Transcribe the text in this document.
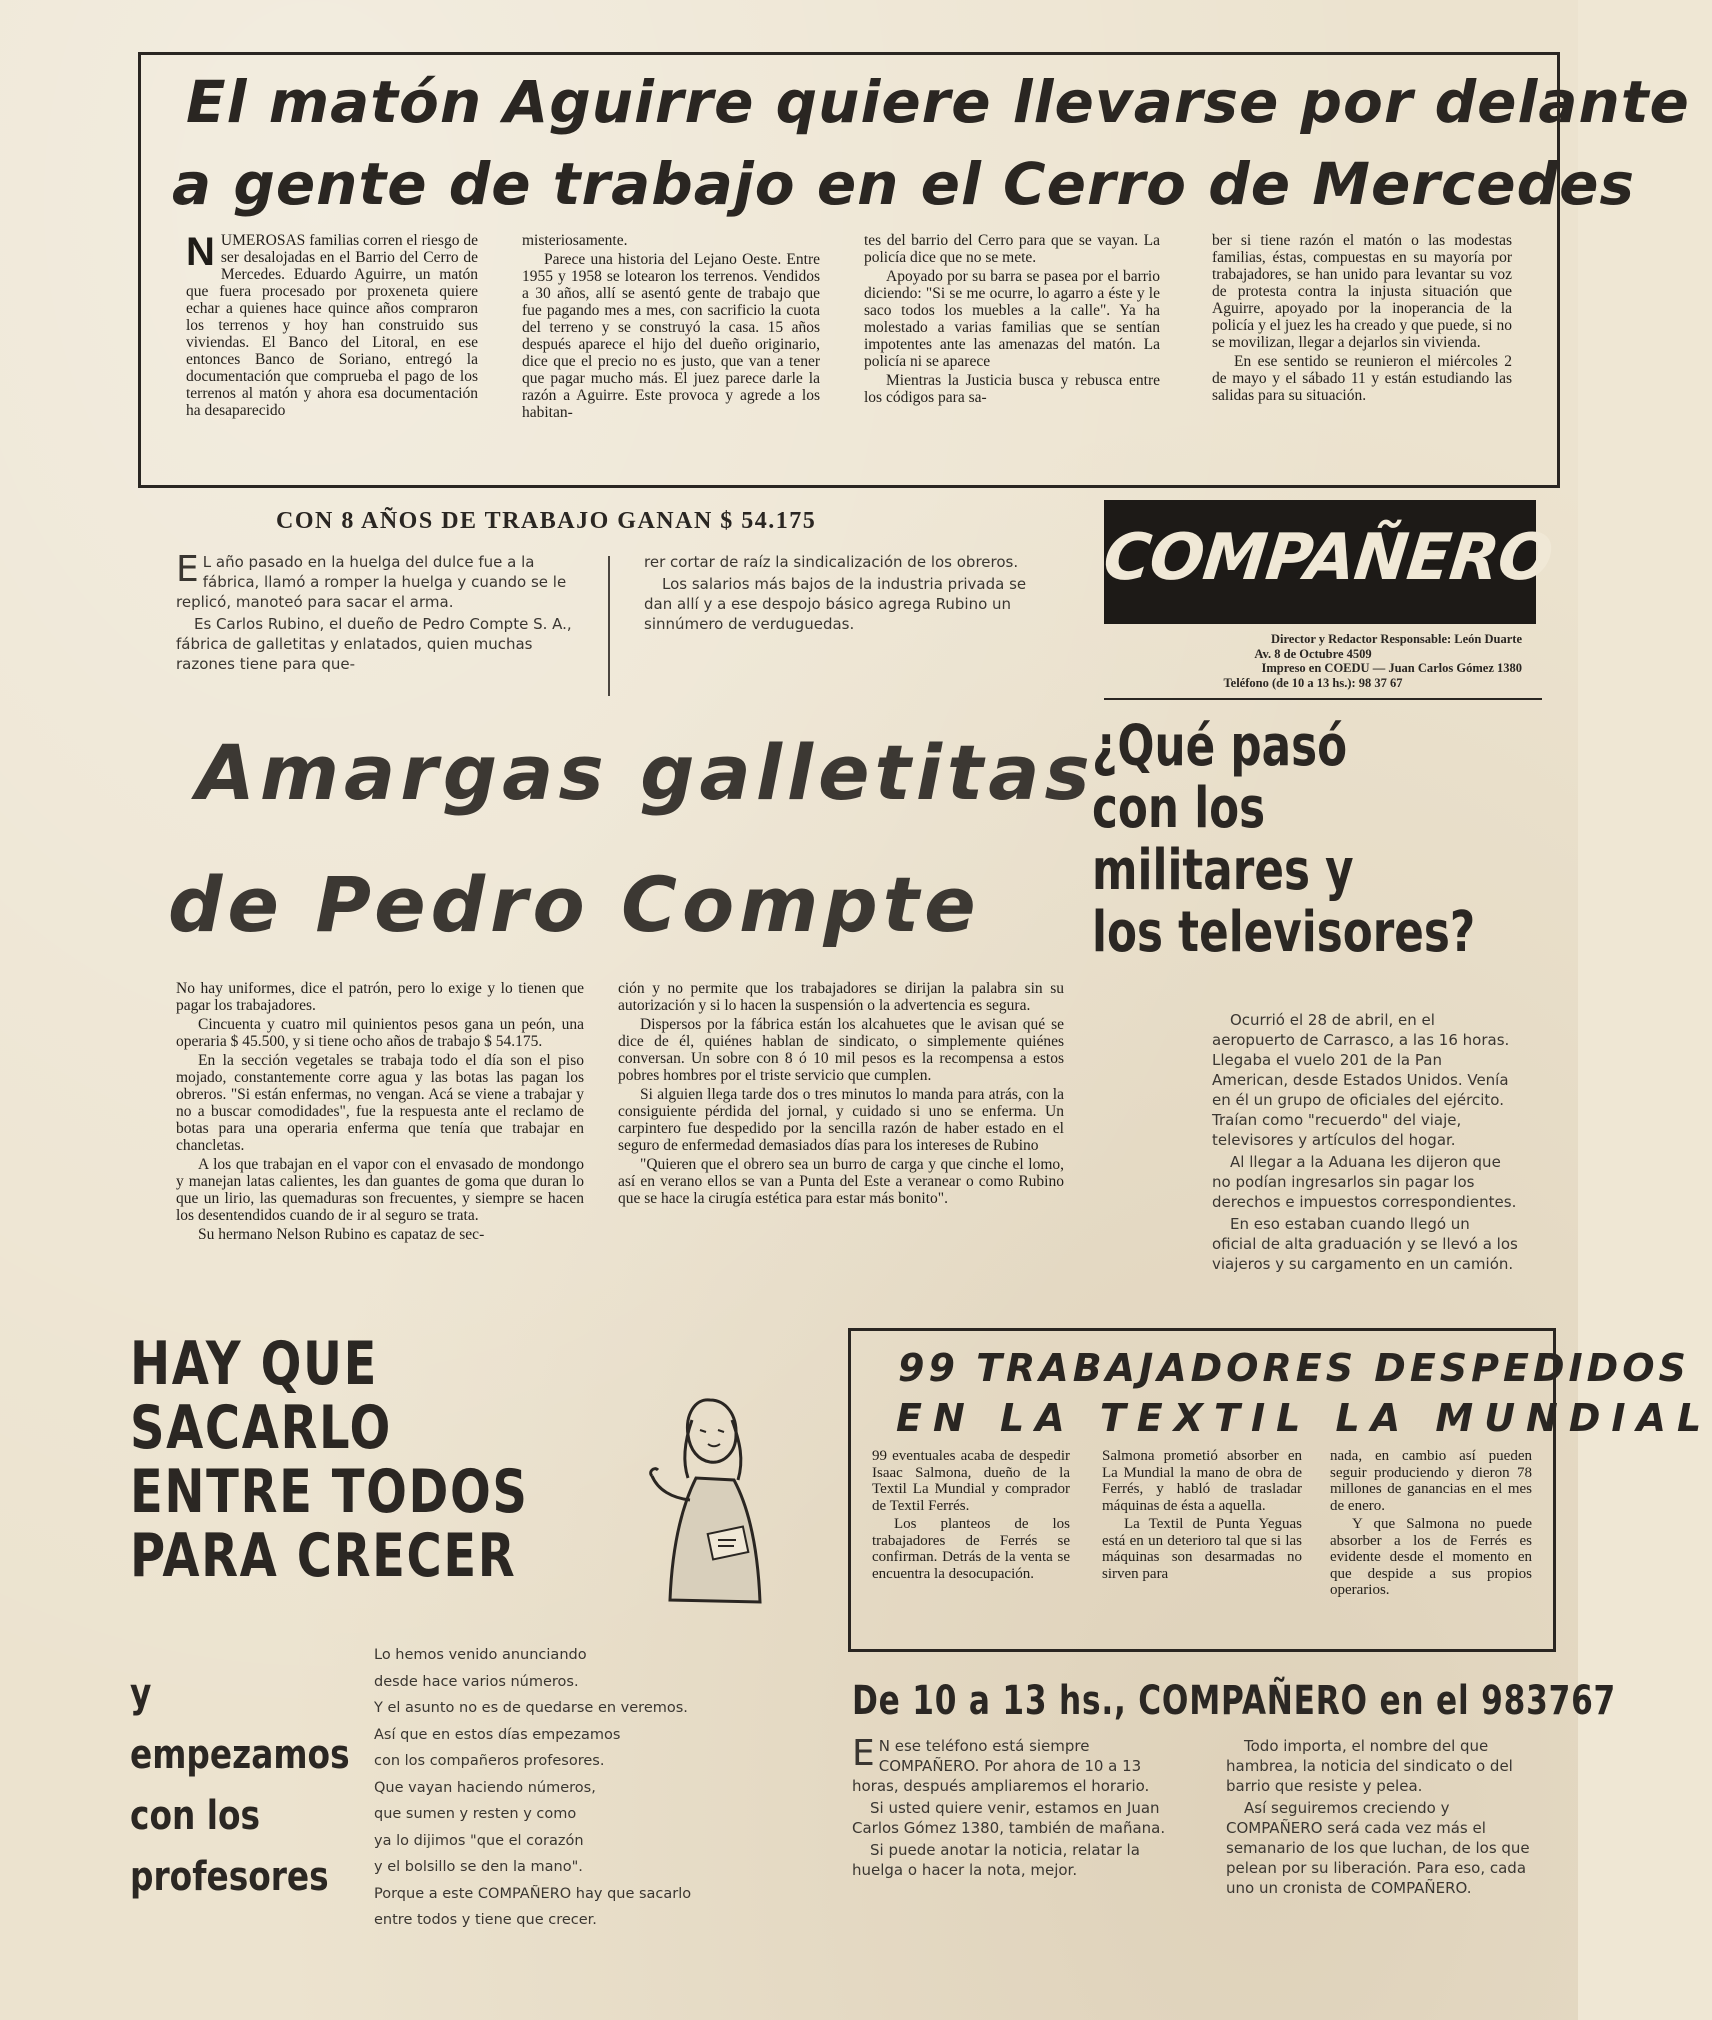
El matón Aguirre quiere llevarse por delante
a gente de trabajo en el Cerro de Mercedes

NUMEROSAS familias corren el riesgo de ser desalojadas en el Barrio del Cerro de Mercedes. Eduardo Aguirre, un matón que fuera procesado por proxeneta quiere echar a quienes hace quince años compraron los terrenos y hoy han construido sus viviendas. El Banco del Litoral, en ese entonces Banco de Soriano, entregó la documentación que comprueba el pago de los terrenos al matón y ahora esa documentación ha desaparecido

misteriosamente.

Parece una historia del Lejano Oeste. Entre 1955 y 1958 se lotearon los terrenos. Vendidos a 30 años, allí se asentó gente de trabajo que fue pagando mes a mes, con sacrificio la cuota del terreno y se construyó la casa. 15 años después aparece el hijo del dueño originario, dice que el precio no es justo, que van a tener que pagar mucho más. El juez parece darle la razón a Aguirre. Este provoca y agrede a los habitan-

tes del barrio del Cerro para que se vayan. La policía dice que no se mete.

Apoyado por su barra se pasea por el barrio diciendo: "Si se me ocurre, lo agarro a éste y le saco todos los muebles a la calle". Ya ha molestado a varias familias que se sentían impotentes ante las amenazas del matón. La policía ni se aparece

Mientras la Justicia busca y rebusca entre los códigos para sa-

ber si tiene razón el matón o las modestas familias, éstas, compuestas en su mayoría por trabajadores, se han unido para levantar su voz de protesta contra la injusta situación que Aguirre, apoyado por la inoperancia de la policía y el juez les ha creado y que puede, si no se movilizan, llegar a dejarlos sin vivienda.

En ese sentido se reunieron el miércoles 2 de mayo y el sábado 11 y están estudiando las salidas para su situación.

CON 8 AÑOS DE TRABAJO GANAN $ 54.175

E L año pasado en la huelga del dulce fue a la fábrica, llamó a romper la huelga y cuando se le replicó, manoteó para sacar el arma.

Es Carlos Rubino, el dueño de Pedro Compte S. A., fábrica de galletitas y enlatados, quien muchas razones tiene para que-

rer cortar de raíz la sindicalización de los obreros.

Los salarios más bajos de la industria privada se dan allí y a ese despojo básico agrega Rubino un sinnúmero de verduguedas.

COMPAÑERO
Director y Redactor Responsable: León Duarte
Av. 8 de Octubre 4509
Impreso en COEDU — Juan Carlos Gómez 1380
Teléfono (de 10 a 13 hs.): 98 37 67
Amargas galletitas
de Pedro Compte

No hay uniformes, dice el patrón, pero lo exige y lo tienen que pagar los trabajadores.

Cincuenta y cuatro mil quinientos pesos gana un peón, una operaria $ 45.500, y si tiene ocho años de trabajo $ 54.175.

En la sección vegetales se trabaja todo el día son el piso mojado, constantemente corre agua y las botas las pagan los obreros. "Si están enfermas, no vengan. Acá se viene a trabajar y no a buscar comodidades", fue la respuesta ante el reclamo de botas para una operaria enferma que tenía que trabajar en chancletas.

A los que trabajan en el vapor con el envasado de mondongo y manejan latas calientes, les dan guantes de goma que duran lo que un lirio, las quemaduras son frecuentes, y siempre se hacen los desentendidos cuando de ir al seguro se trata.

Su hermano Nelson Rubino es capataz de sec-

ción y no permite que los trabajadores se dirijan la palabra sin su autorización y si lo hacen la suspensión o la advertencia es segura.

Dispersos por la fábrica están los alcahuetes que le avisan qué se dice de él, quiénes hablan de sindicato, o simplemente quiénes conversan. Un sobre con 8 ó 10 mil pesos es la recompensa a estos pobres hombres por el triste servicio que cumplen.

Si alguien llega tarde dos o tres minutos lo manda para atrás, con la consiguiente pérdida del jornal, y cuidado si uno se enferma. Un carpintero fue despedido por la sencilla razón de haber estado en el seguro de enfermedad demasiados días para los intereses de Rubino

"Quieren que el obrero sea un burro de carga y que cinche el lomo, así en verano ellos se van a Punta del Este a veranear o como Rubino que se hace la cirugía estética para estar más bonito".

¿Qué pasó
con los
militares y
los televisores?

Ocurrió el 28 de abril, en el aeropuerto de Carrasco, a las 16 horas. Llegaba el vuelo 201 de la Pan American, desde Estados Unidos. Venía en él un grupo de oficiales del ejército. Traían como "recuerdo" del viaje, televisores y artículos del hogar.

Al llegar a la Aduana les dijeron que no podían ingresarlos sin pagar los derechos e impuestos correspondientes.

En eso estaban cuando llegó un oficial de alta graduación y se llevó a los viajeros y su cargamento en un camión.

HAY QUE
SACARLO
ENTRE TODOS
PARA CRECER
y
empezamos
con los
profesores
Lo hemos venido anunciando
desde hace varios números.
Y el asunto no es de quedarse en veremos.
Así que en estos días empezamos
con los compañeros profesores.
Que vayan haciendo números,
que sumen y resten y como
ya lo dijimos "que el corazón
y el bolsillo se den la mano".
Porque a este COMPAÑERO hay que sacarlo
entre todos y tiene que crecer.
99 TRABAJADORES DESPEDIDOS
EN LA TEXTIL LA MUNDIAL

99 eventuales acaba de despedir Isaac Salmona, dueño de la Textil La Mundial y comprador de Textil Ferrés.

Los planteos de los trabajadores de Ferrés se confirman. Detrás de la venta se encuentra la desocupación.

Salmona prometió absorber en La Mundial la mano de obra de Ferrés, y habló de trasladar máquinas de ésta a aquella.

La Textil de Punta Yeguas está en un deterioro tal que si las máquinas son desarmadas no sirven para

nada, en cambio así pueden seguir produciendo y dieron 78 millones de ganancias en el mes de enero.

Y que Salmona no puede absorber a los de Ferrés es evidente desde el momento en que despide a sus propios operarios.

De 10 a 13 hs., COMPAÑERO en el 983767

E N ese teléfono está siempre COMPAÑERO. Por ahora de 10 a 13 horas, después ampliaremos el horario.

Si usted quiere venir, estamos en Juan Carlos Gómez 1380, también de mañana.

Si puede anotar la noticia, relatar la huelga o hacer la nota, mejor.

Todo importa, el nombre del que hambrea, la noticia del sindicato o del barrio que resiste y pelea.

Así seguiremos creciendo y COMPAÑERO será cada vez más el semanario de los que luchan, de los que pelean por su liberación. Para eso, cada uno un cronista de COMPAÑERO.
